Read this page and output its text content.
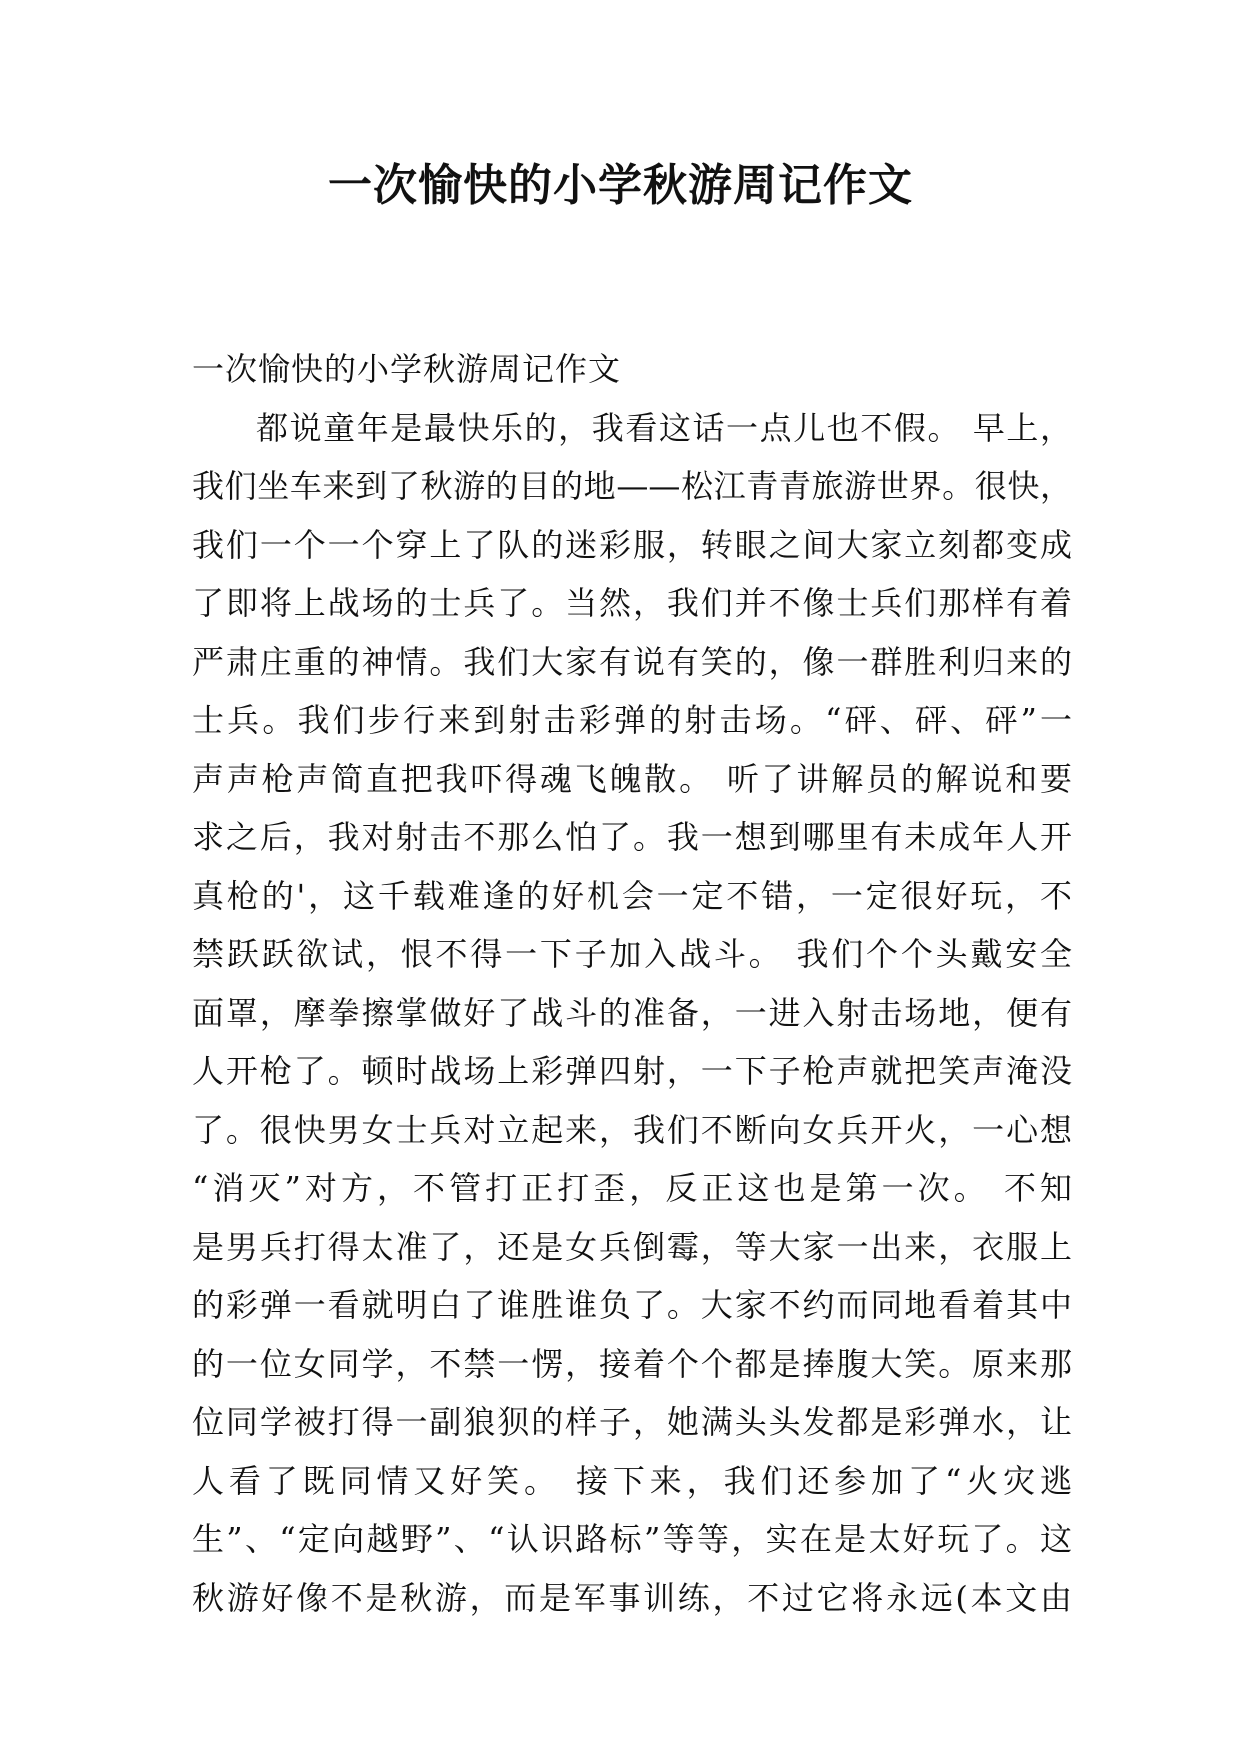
一次愉快的小学秋游周记作文
一次愉快的小学秋游周记作文
都说童年是最快乐的，我看这话一点儿也不假。 早上，
我们坐车来到了秋游的目的地——松江青青旅游世界。很快，
我们一个一个穿上了队的迷彩服，转眼之间大家立刻都变成
了即将上战场的士兵了。当然，我们并不像士兵们那样有着
严肃庄重的神情。我们大家有说有笑的，像一群胜利归来的
士兵。我们步行来到射击彩弹的射击场。“砰、砰、砰”一
声声枪声简直把我吓得魂飞魄散。 听了讲解员的解说和要
求之后，我对射击不那么怕了。我一想到哪里有未成年人开
真枪的'，这千载难逢的好机会一定不错，一定很好玩，不
禁跃跃欲试，恨不得一下子加入战斗。 我们个个头戴安全
面罩，摩拳擦掌做好了战斗的准备，一进入射击场地，便有
人开枪了。顿时战场上彩弹四射，一下子枪声就把笑声淹没
了。很快男女士兵对立起来，我们不断向女兵开火，一心想
“消灭”对方，不管打正打歪，反正这也是第一次。 不知
是男兵打得太准了，还是女兵倒霉，等大家一出来，衣服上
的彩弹一看就明白了谁胜谁负了。大家不约而同地看着其中
的一位女同学，不禁一愣，接着个个都是捧腹大笑。原来那
位同学被打得一副狼狈的样子，她满头头发都是彩弹水，让
人看了既同情又好笑。 接下来，我们还参加了“火灾逃
生”、“定向越野”、“认识路标”等等，实在是太好玩了。这
秋游好像不是秋游，而是军事训练，不过它将永远(本文由
